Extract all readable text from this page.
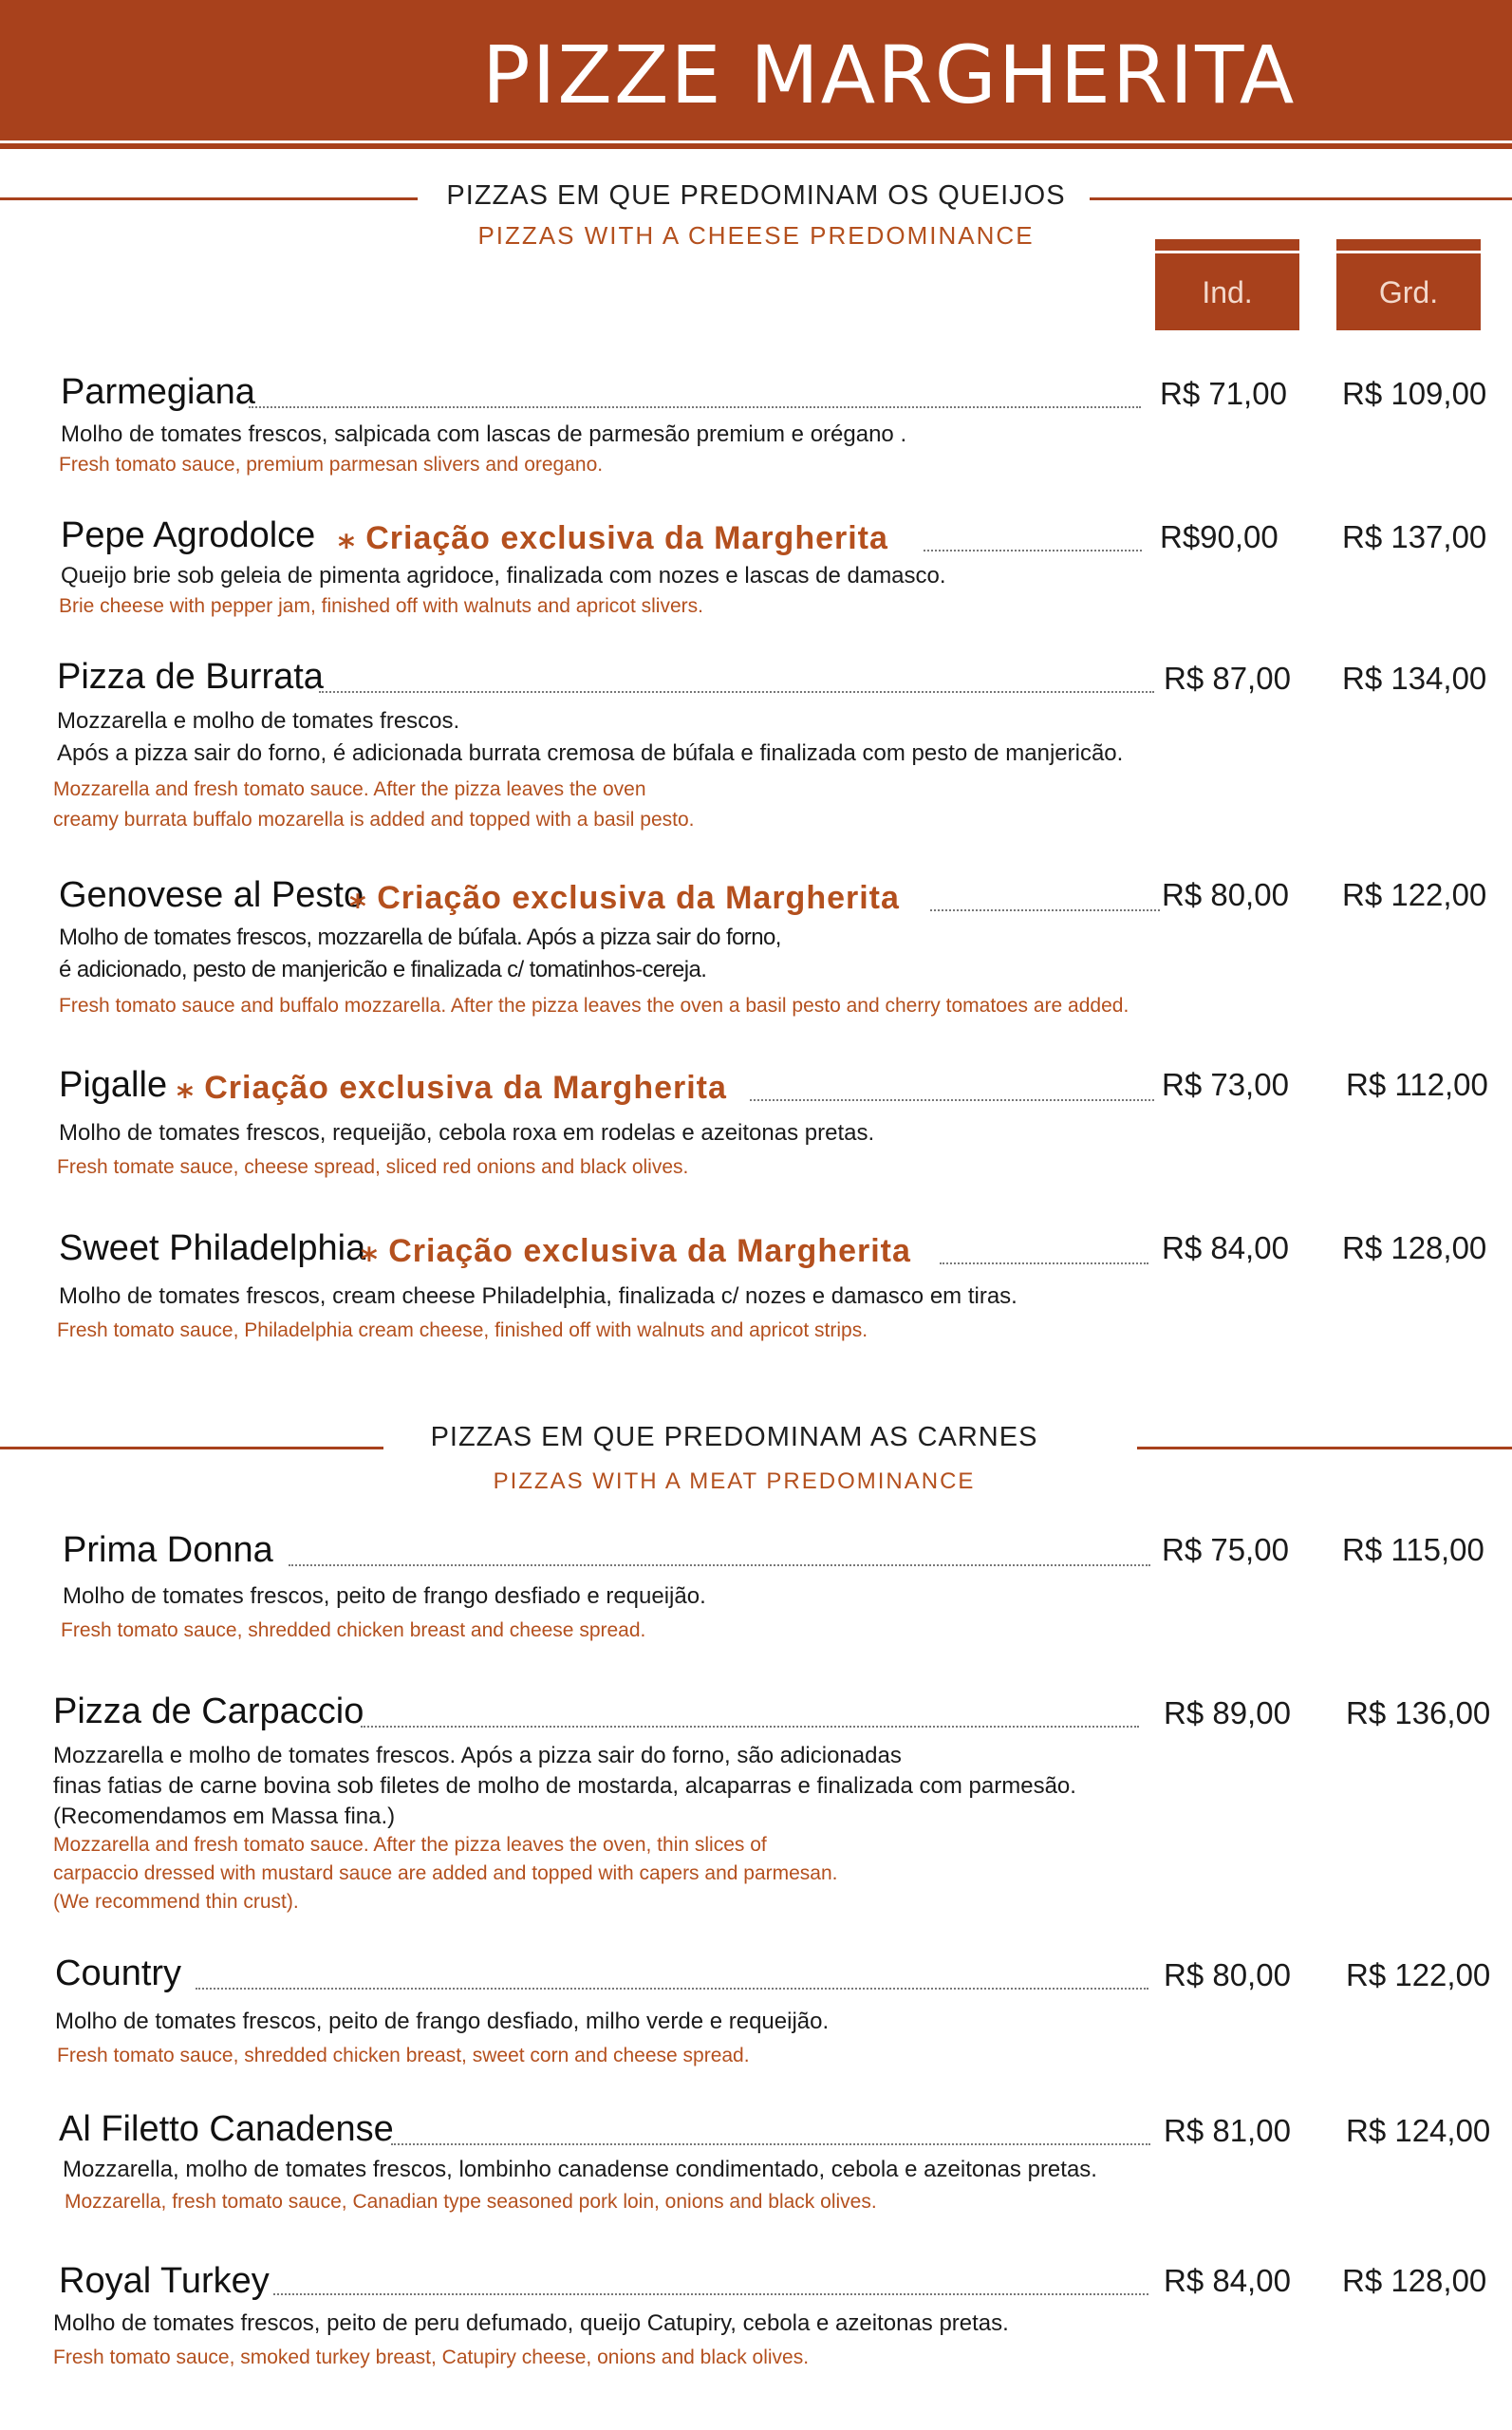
PIZZE MARGHERITA
PIZZAS EM QUE PREDOMINAM OS QUEIJOS
PIZZAS WITH A CHEESE PREDOMINANCE
Ind.	Grd.
Parmegiana	R$ 71,00 R$ 109,00
Molho de tomates frescos, salpicada com lascas de parmesão premium e orégano .
Fresh tomato sauce, premium parmesan slivers and oregano.
Pepe Agrodolce ⁎ Criação exclusiva da Margherita	R$90,00 R$ 137,00
Queijo brie sob geleia de pimenta agridoce, finalizada com nozes e lascas de damasco.
Brie cheese with pepper jam, finished off with walnuts and apricot slivers.
Pizza de Burrata	R$ 87,00 R$ 134,00
Mozzarella e molho de tomates frescos.
Após a pizza sair do forno, é adicionada burrata cremosa de búfala e finalizada com pesto de manjericão.
Mozzarella and fresh tomato sauce. After the pizza leaves the oven
creamy burrata buffalo mozarella is added and topped with a basil pesto.
Genovese al Pesto
⁎ Criação exclusiva da Margherita	R$ 80,00 R$ 122,00
Molho de tomates frescos, mozzarella de búfala. Após a pizza sair do forno,
é adicionado, pesto de manjericão e finalizada c/ tomatinhos-cereja.
Fresh tomato sauce and buffalo mozzarella. After the pizza leaves the oven a basil pesto and cherry tomatoes are added.
Pigalle ⁎ Criação exclusiva da Margherita	R$ 73,00 R$ 112,00
Molho de tomates frescos, requeijão, cebola roxa em rodelas e azeitonas pretas.
Fresh tomate sauce, cheese spread, sliced red onions and black olives.
Sweet Philadelphia
⁎ Criação exclusiva da Margherita	R$ 84,00 R$ 128,00
Molho de tomates frescos, cream cheese Philadelphia, finalizada c/ nozes e damasco em tiras.
Fresh tomato sauce, Philadelphia cream cheese, finished off with walnuts and apricot strips.
PIZZAS EM QUE PREDOMINAM AS CARNES
PIZZAS WITH A MEAT PREDOMINANCE
Prima Donna	R$ 75,00 R$ 115,00
Molho de tomates frescos, peito de frango desfiado e requeijão.
Fresh tomato sauce, shredded chicken breast and cheese spread.
Pizza de Carpaccio	R$ 89,00 R$ 136,00
Mozzarella e molho de tomates frescos. Após a pizza sair do forno, são adicionadas
finas fatias de carne bovina sob filetes de molho de mostarda, alcaparras e finalizada com parmesão.
(Recomendamos em Massa fina.)
Mozzarella and fresh tomato sauce. After the pizza leaves the oven, thin slices of
carpaccio dressed with mustard sauce are added and topped with capers and parmesan.
(We recommend thin crust).
Country	R$ 80,00 R$ 122,00
Molho de tomates frescos, peito de frango desfiado, milho verde e requeijão.
Fresh tomato sauce, shredded chicken breast, sweet corn and cheese spread.
Al Filetto Canadense	R$ 81,00 R$ 124,00
Mozzarella, molho de tomates frescos, lombinho canadense condimentado, cebola e azeitonas pretas.
Mozzarella, fresh tomato sauce, Canadian type seasoned pork loin, onions and black olives.
Royal Turkey	R$ 84,00 R$ 128,00
Molho de tomates frescos, peito de peru defumado, queijo Catupiry, cebola e azeitonas pretas.
Fresh tomato sauce, smoked turkey breast, Catupiry cheese, onions and black olives.
